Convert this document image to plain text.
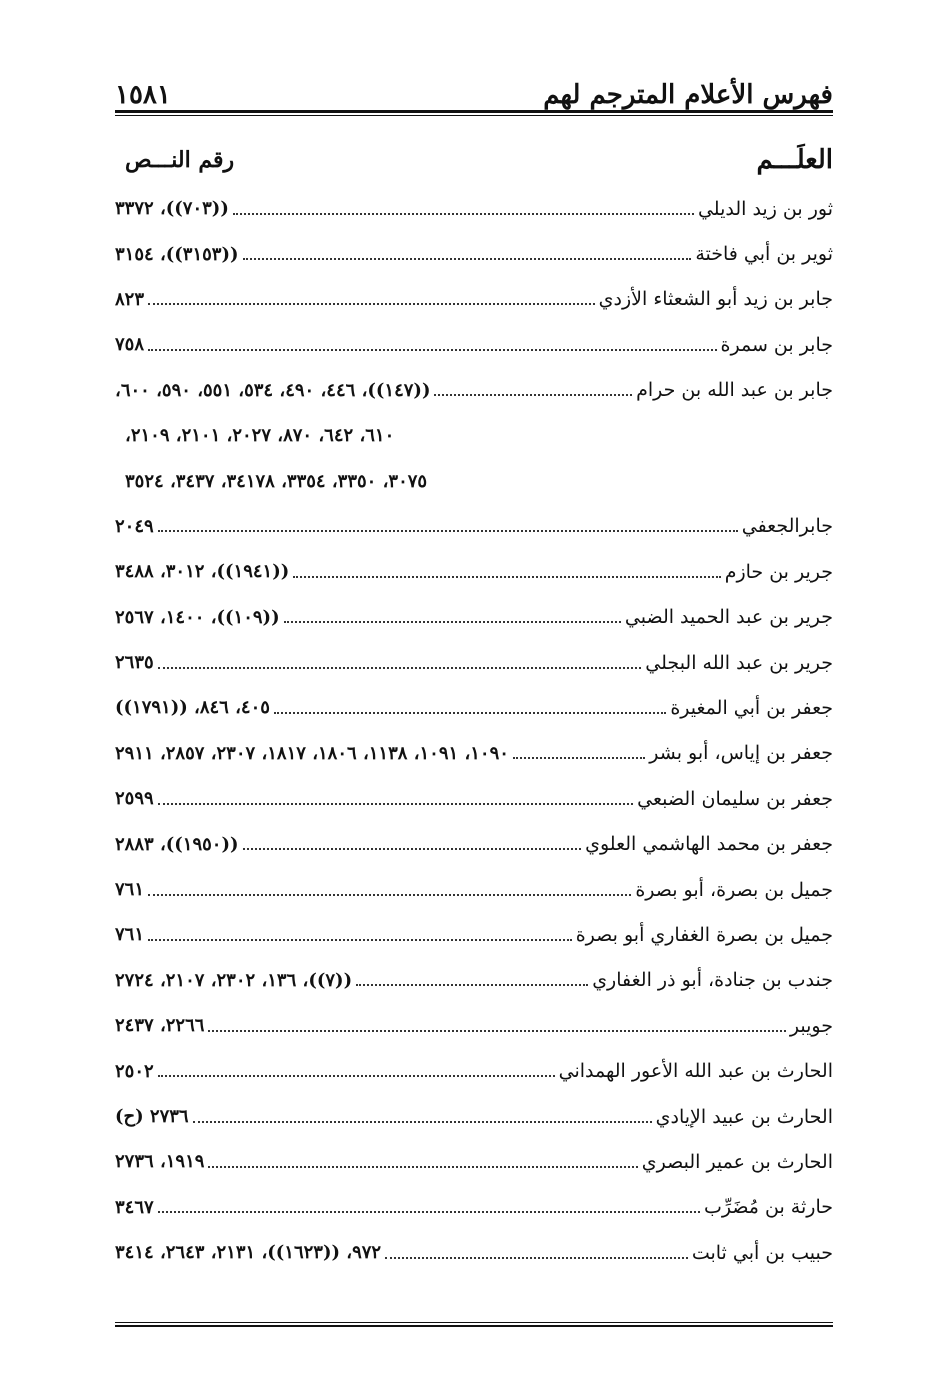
فهرس الأعلام المترجم لهم
١٥٨١
العلَـــم
رقم النـــص
ثور بن زيد الديلي
((٧٠٣))، ٣٣٧٢
ثوير بن أبي فاختة
((٣١٥٣))، ٣١٥٤
جابر بن زيد أبو الشعثاء الأزدي
٨٢٣
جابر بن سمرة
٧٥٨
جابر بن عبد الله بن حرام
((١٤٧))، ٤٤٦، ٤٩٠، ٥٣٤، ٥٥١، ٥٩٠، ٦٠٠،
٦١٠، ٦٤٢، ٨٧٠، ٢٠٢٧، ٢١٠١، ٢١٠٩،
٣٠٧٥، ٣٣٥٠، ٣٣٥٤، ٣٤١٧٨، ٣٤٣٧، ٣٥٢٤
جابرالجعفي
٢٠٤٩
جرير بن حازم
((١٩٤١))، ٣٠١٢، ٣٤٨٨
جرير بن عبد الحميد الضبي
((١٠٩))، ١٤٠٠، ٢٥٦٧
جرير بن عبد الله البجلي
٢٦٣٥
جعفر بن أبي المغيرة
٤٠٥، ٨٤٦، ((١٧٩١))
جعفر بن إياس، أبو بشر
١٠٩٠، ١٠٩١، ١١٣٨، ١٨٠٦، ١٨١٧، ٢٣٠٧، ٢٨٥٧، ٢٩١١
جعفر بن سليمان الضبعي
٢٥٩٩
جعفر بن محمد الهاشمي العلوي
((١٩٥٠))، ٢٨٨٣
جميل بن بصرة، أبو بصرة
٧٦١
جميل بن بصرة الغفاري أبو بصرة
٧٦١
جندب بن جنادة، أبو ذر الغفاري
((٧))، ١٣٦، ٢٣٠٢، ٢١٠٧، ٢٧٢٤
جويبر
٢٢٦٦، ٢٤٣٧
الحارث بن عبد الله الأعور الهمداني
٢٥٠٢
الحارث بن عبيد الإيادي
٢٧٣٦ (ح)
الحارث بن عمير البصري
١٩١٩، ٢٧٣٦
حارثة بن مُضَرِّب
٣٤٦٧
حبيب بن أبي ثابت
٩٧٢، ((١٦٢٣))، ٢١٣١، ٢٦٤٣، ٣٤١٤
